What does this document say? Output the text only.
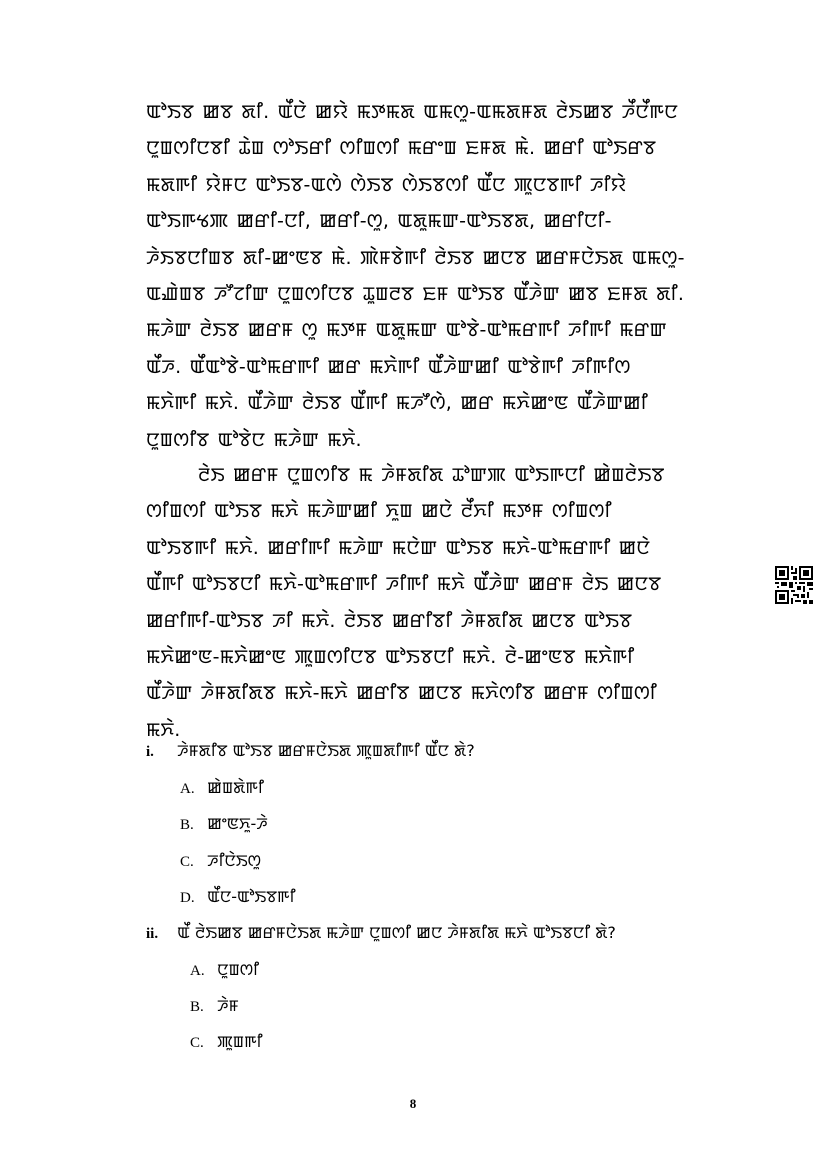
ꯑꯣꯏꯕ ꯀꯕ ꯗꯤ. ꯑꯩꯅꯥ ꯀꯌꯥ ꯃꯇꯃꯗ ꯑꯃꯁꯨ-ꯑꯃꯗꯝꯗ ꯂꯥꯏꯀꯕ ꯍꯩꯅꯩꯒꯅ ꯅꯨꯡꯁꯤꯅꯕꯤ ꯊꯥꯡ ꯁꯣꯏꯔꯤ ꯁꯤꯡꯁꯤ ꯃꯔꯦꯡ ꯐꯝꯗ ꯃꯥ. ꯀꯔꯤ ꯑꯣꯏꯔꯕ ꯃꯗꯒꯤ ꯌꯥꯝꯅ ꯑꯣꯏꯕ-ꯑꯁꯥ ꯁꯥꯏꯕ ꯁꯥꯏꯕꯁꯤ ꯑꯩꯅ ꯄꯨꯅꯕꯒꯤ ꯍꯤꯌꯥ ꯑꯣꯏꯒꯠꯄ ꯀꯔꯤ-ꯅꯤ, ꯀꯔꯤ-ꯁꯨ, ꯑꯗꯨꯃꯛ-ꯑꯣꯏꯕꯗ, ꯀꯔꯤꯅꯤ-ꯍꯥꯏꯕꯅꯤꯡꯕ ꯗꯤ-ꯀꯦꯟꯕ ꯃꯥ. ꯄꯥꯝꯕꯥꯒꯤ ꯂꯥꯏꯕ ꯀꯅꯕ ꯀꯔꯝꯅꯥꯏꯗ ꯑꯃꯁꯨ-ꯑꯉꯥꯡꯕ ꯍꯧꯖꯤꯛ ꯅꯨꯡꯁꯤꯅꯕ ꯊꯨꯡꯂꯕ ꯐꯝ ꯑꯣꯏꯕ ꯑꯩꯍꯥꯛ ꯀꯕ ꯐꯝꯗ ꯗꯤ. ꯃꯍꯥꯛ ꯂꯥꯏꯕ ꯀꯔꯝ ꯁꯨ ꯃꯇꯝ ꯑꯗꯨꯃꯛ ꯑꯣꯕꯥ-ꯑꯣꯃꯔꯒꯤ ꯍꯤꯒꯤ ꯃꯔꯛ ꯑꯩꯍ. ꯑꯩꯑꯣꯕꯥ-ꯑꯣꯃꯔꯒꯤ ꯀꯔ ꯃꯈꯥꯒꯤ ꯑꯩꯍꯥꯛꯀꯤ ꯑꯣꯕꯥꯒꯤ ꯍꯤꯒꯤꯁ ꯃꯈꯥꯒꯤ ꯃꯈꯥ. ꯑꯩꯍꯥꯛ ꯂꯥꯏꯕ ꯑꯩꯒꯤ ꯃꯍꯧꯁꯥ, ꯀꯔ ꯃꯈꯥꯀꯦꯟ ꯑꯩꯍꯥꯛꯀꯤ ꯅꯨꯡꯁꯤꯕ ꯑꯣꯕꯥꯅ ꯃꯍꯥꯛ ꯃꯈꯥ.

ꯂꯥꯏ ꯀꯔꯝ ꯅꯨꯡꯁꯤꯕ ꯃ ꯍꯥꯝꯗꯤꯗ ꯊꯣꯛꯄ ꯑꯣꯏꯒꯅꯤ ꯀꯥꯡꯂꯥꯏꯕ ꯁꯤꯡꯁꯤ ꯑꯣꯏꯕ ꯃꯈꯥ ꯃꯍꯥꯛꯀꯤ ꯈꯨꯡ ꯀꯅꯥ ꯂꯩꯈꯤ ꯃꯇꯝ ꯁꯤꯡꯁꯤ ꯑꯣꯏꯕꯒꯤ ꯃꯈꯥ. ꯀꯔꯤꯒꯤ ꯃꯍꯥꯛ ꯃꯅꯥꯛ ꯑꯣꯏꯕ ꯃꯈꯥ-ꯑꯣꯃꯔꯒꯤ ꯀꯅꯥ ꯑꯩꯒꯤ ꯑꯣꯏꯕꯅꯤ ꯃꯈꯥ-ꯑꯣꯃꯔꯒꯤ ꯍꯤꯒꯤ ꯃꯈꯥ ꯑꯩꯍꯥꯛ ꯀꯔꯝ ꯂꯥꯏ ꯀꯅꯕ ꯀꯔꯤꯒꯤ-ꯑꯣꯏꯕ ꯍꯤ ꯃꯈꯥ. ꯂꯥꯏꯕ ꯀꯔꯤꯕꯤ ꯍꯥꯝꯗꯤꯗ ꯀꯅꯕ ꯑꯣꯏꯕ ꯃꯈꯥꯀꯦꯟ-ꯃꯈꯥꯀꯦꯟ ꯄꯨꯡꯁꯤꯅꯕ ꯑꯣꯏꯕꯅꯤ ꯃꯈꯥ. ꯂꯥ-ꯀꯦꯟꯕ ꯃꯈꯥꯒꯤ ꯑꯩꯍꯥꯛ ꯍꯥꯝꯗꯤꯗꯕ ꯃꯈꯥ-ꯃꯈꯥ ꯀꯔꯤꯕ ꯀꯅꯕ ꯃꯈꯥꯁꯤꯕ ꯀꯔꯝ ꯁꯤꯡꯁꯤ ꯃꯈꯥ.

i. ꯍꯥꯝꯗꯤꯕ ꯑꯣꯏꯕ ꯀꯔꯝꯅꯥꯏꯗ ꯄꯨꯡꯗꯤꯒꯤ ꯑꯩꯅ ꯗꯥ?
A. ꯀꯥꯡꯗꯥꯒꯤ
B. ꯀꯦꯟꯈꯨ-ꯍꯥ
C. ꯍꯤꯅꯥꯏꯁꯨ
D. ꯑꯩꯅ-ꯑꯣꯏꯕꯒꯤ
ii. ꯑꯩ ꯂꯥꯏꯀꯕ ꯀꯔꯝꯅꯥꯏꯗ ꯃꯍꯥꯛ ꯅꯨꯡꯁꯤ ꯀꯅ ꯍꯥꯝꯗꯤꯗ ꯃꯈꯥ ꯑꯣꯏꯕꯅꯤ ꯗꯥ?
A. ꯅꯨꯡꯁꯤ
B. ꯍꯥꯝ
C. ꯄꯨꯡꯒꯤ
8
